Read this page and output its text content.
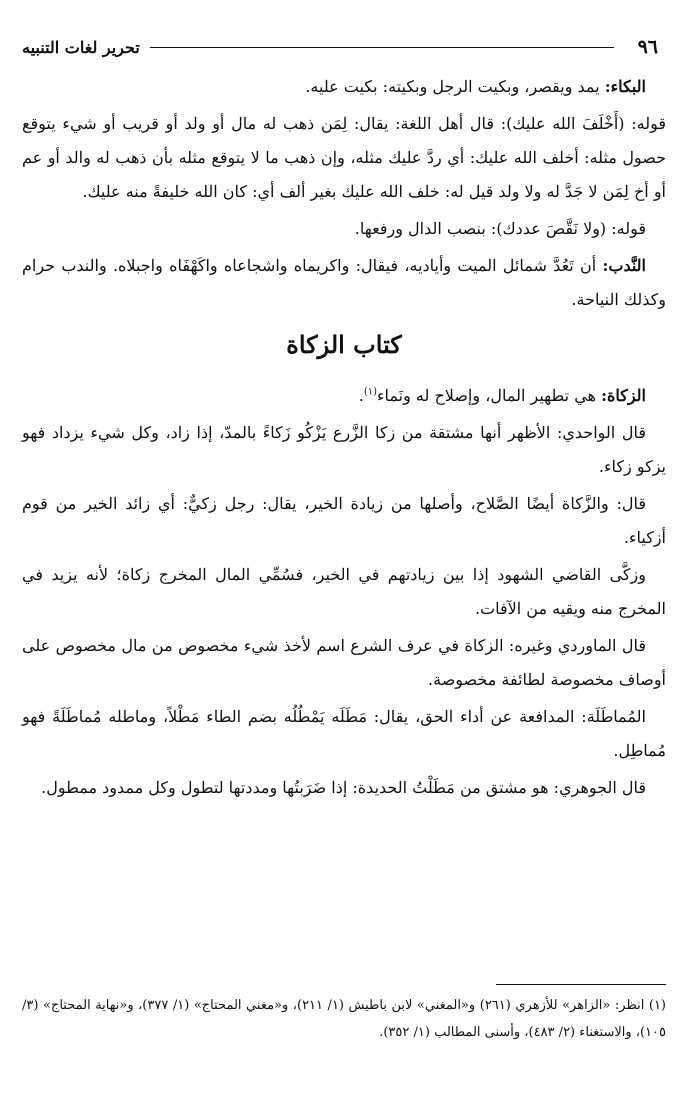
٩٦
تحرير لغات التنبيه

البكاء: يمد ويقصر، وبكيت الرجل وبكيته: بكيت عليه.

قوله: (أَخْلَفَ الله عليك): قال أهل اللغة: يقال: لِمَن ذهب له مال أو ولد أو قريب أو شيء يتوقع حصول مثله: أخلف الله عليك: أي ردَّ عليك مثله، وإن ذهب ما لا يتوقع مثله بأن ذهب له والد أو عم أو أخ لِمَن لا جَدَّ له ولا ولد قيل له: خلف الله عليك بغير ألف أي: كان الله خليفةً منه عليك.

قوله: (ولا نَقَّصَ عددك): بنصب الدال ورفعها.

النَّدب: أن تَعُدَّ شمائل الميت وأياديه، فيقال: واكريماه واشجاعاه واكَهْفَاه واجبلاه. والندب حرام وكذلك النياحة.

كتاب الزكاة

الزكاة: هي تطهير المال، وإصلاح له ونَماء$^{(١)}$.

قال الواحدي: الأظهر أنها مشتقة من زكا الزَّرع يَزْكُو زَكاءً بالمدّ، إذا زاد، وكل شيء يزداد فهو يزكو زكاء.

قال: والزَّكاة أيضًا الصَّلاح، وأصلها من زيادة الخير، يقال: رجل زكيٌّ: أي زائد الخير من قوم أزكياء.

وزكَّى القاضي الشهود إذا بين زيادتهم في الخير، فسُمِّي المال المخرج زكاة؛ لأنه يزيد في المخرج منه ويقيه من الآفات.

قال الماوردي وغيره: الزكاة في عرف الشرع اسم لأخذ شيء مخصوص من مال مخصوص على أوصاف مخصوصة لطائفة مخصوصة.

المُماطَلَة: المدافعة عن أداء الحق، يقال: مَطَلَه يَمْطُلُه بضم الطاء مَطْلاً، وماطله مُماطَلَةً فهو مُماطِل.

قال الجوهري: هو مشتق من مَطَلْتُ الحديدة: إذا ضَرَبتُها ومددتها لتطول وكل ممدود ممطول.

(١) انظر: «الزاهر» للأزهري (٢٦١) و«المغني» لابن باطيش (١/ ٢١١)، و«مغني المحتاج» (١/ ٣٧٧)، و«نهاية المحتاج» (٣/ ١٠٥)، والاستغناء (٢/ ٤٨٣)، وأسنى المطالب (١/ ٣٥٢).
